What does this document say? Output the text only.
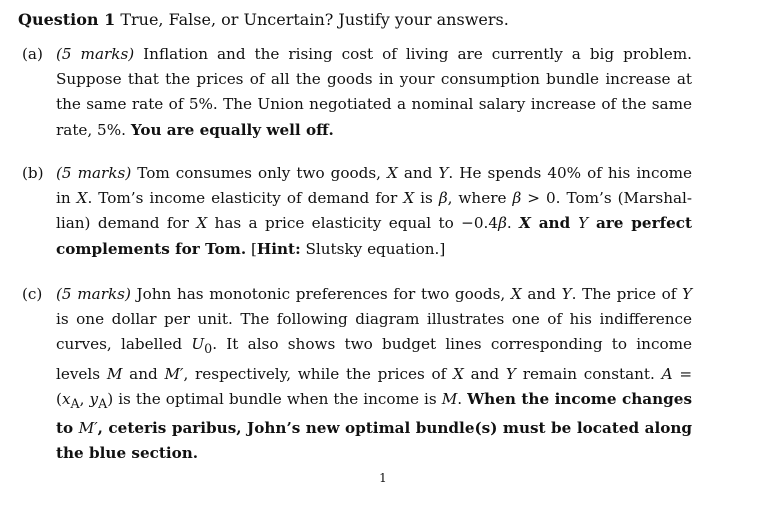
Question 1 True, False, or Uncertain? Justify your answers.
(a) (5 marks) Inflation and the rising cost of living are currently a big problem. Suppose that the prices of all the goods in your consumption bundle increase at the same rate of 5%. The Union negotiated a nominal salary increase of the same rate, 5%. You are equally well off.
(b) (5 marks) Tom consumes only two goods, X and Y. He spends 40% of his income in X. Tom’s income elasticity of demand for X is β, where β > 0. Tom’s (Marshal-lian) demand for X has a price elasticity equal to −0.4β. X and Y are perfect complements for Tom. [Hint: Slutsky equation.]
(c) (5 marks) John has monotonic preferences for two goods, X and Y. The price of Y is one dollar per unit. The following diagram illustrates one of his indifference curves, labelled $U_0$. It also shows two budget lines corresponding to income levels M and M′, respectively, while the prices of X and Y remain constant. $A = (x_A$, $y_A$) is the optimal bundle when the income is M. When the income changes to M′, ceteris paribus, John’s new optimal bundle(s) must be located along the blue section.
1
